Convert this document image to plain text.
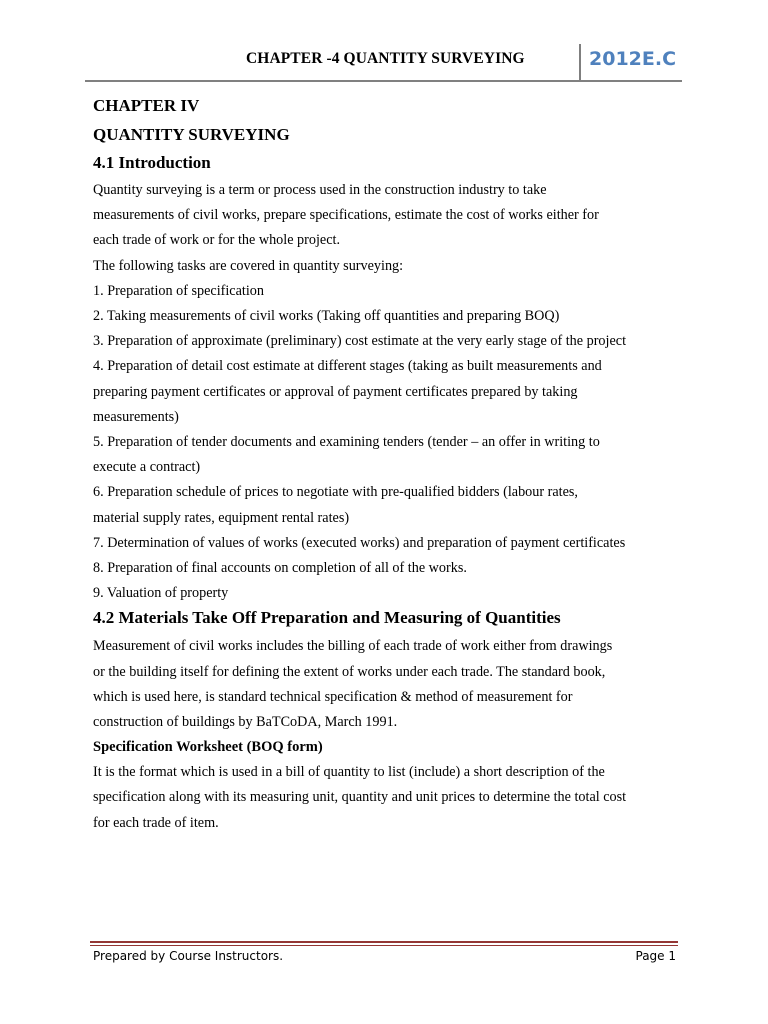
CHAPTER -4 QUANTITY SURVEYING	2012E.C
CHAPTER IV
QUANTITY SURVEYING
4.1 Introduction
Quantity surveying is a term or process used in the construction industry to take
measurements of civil works, prepare specifications, estimate the cost of works either for
each trade of work or for the whole project.
The following tasks are covered in quantity surveying:
1. Preparation of specification
2. Taking measurements of civil works (Taking off quantities and preparing BOQ)
3. Preparation of approximate (preliminary) cost estimate at the very early stage of the project
4. Preparation of detail cost estimate at different stages (taking as built measurements and
preparing payment certificates or approval of payment certificates prepared by taking
measurements)
5. Preparation of tender documents and examining tenders (tender – an offer in writing to
execute a contract)
6. Preparation schedule of prices to negotiate with pre-qualified bidders (labour rates,
material supply rates, equipment rental rates)
7. Determination of values of works (executed works) and preparation of payment certificates
8. Preparation of final accounts on completion of all of the works.
9. Valuation of property
4.2 Materials Take Off Preparation and Measuring of Quantities
Measurement of civil works includes the billing of each trade of work either from drawings
or the building itself for defining the extent of works under each trade. The standard book,
which is used here, is standard technical specification & method of measurement for
construction of buildings by BaTCoDA, March 1991.
Specification Worksheet (BOQ form)
It is the format which is used in a bill of quantity to list (include) a short description of the
specification along with its measuring unit, quantity and unit prices to determine the total cost
for each trade of item.
Prepared by Course Instructors.	Page 1
